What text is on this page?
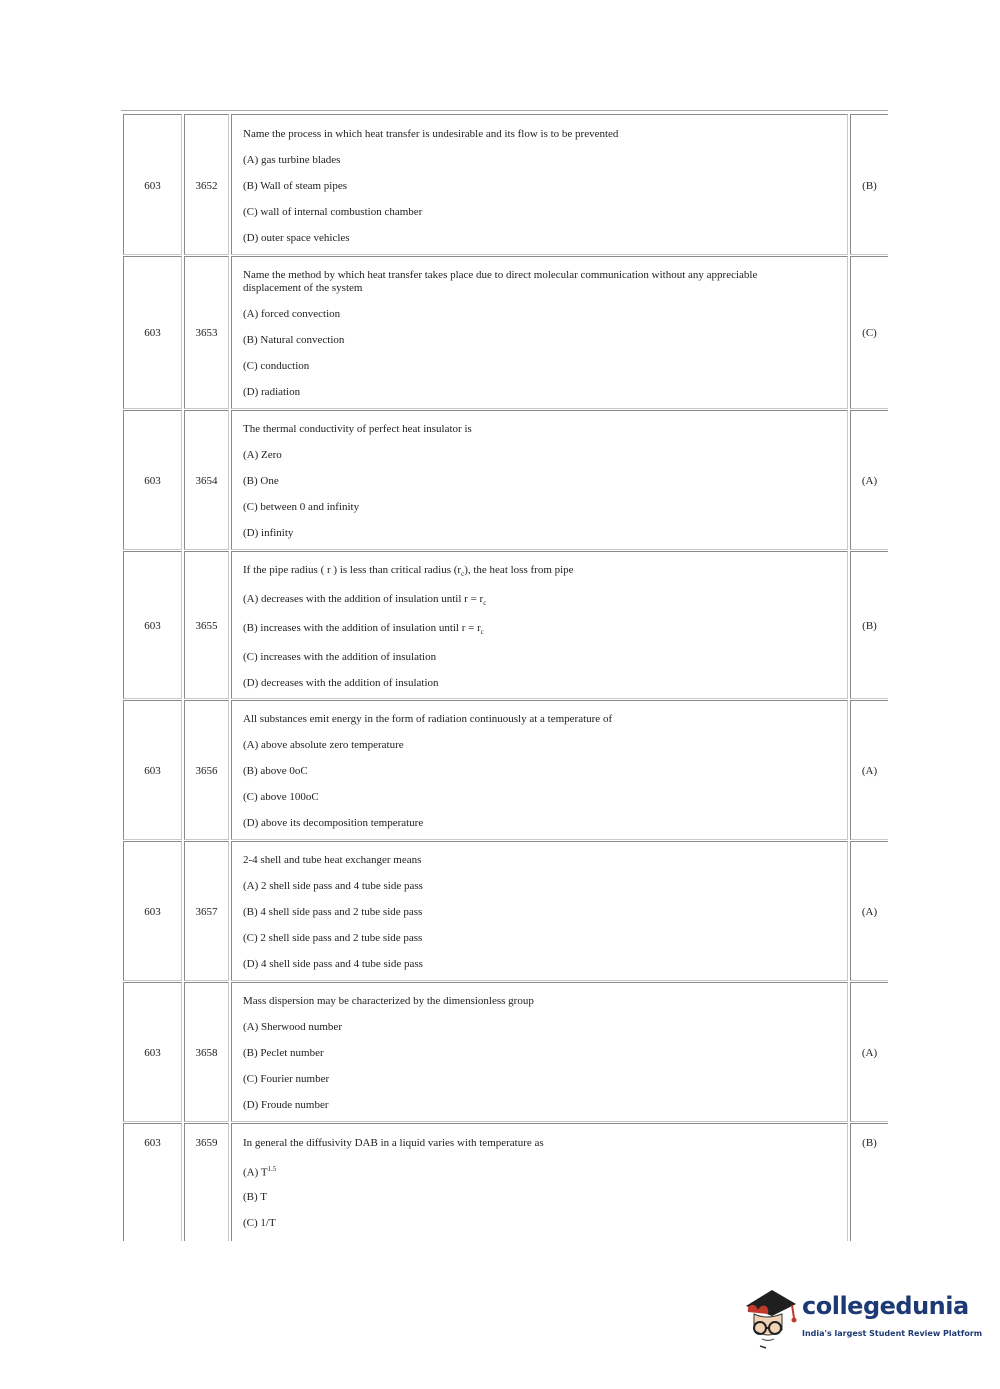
603	3652
Name the process in which heat transfer is undesirable and its flow is to be prevented
(A) gas turbine blades
(B) Wall of steam pipes
(C) wall of internal combustion chamber
(D) outer space vehicles
(B)
603	3653
Name the method by which heat transfer takes place due to direct molecular communication without any appreciable displacement of the system
(A) forced convection
(B) Natural convection
(C) conduction
(D) radiation
(C)
603	3654
The thermal conductivity of perfect heat insulator is
(A) Zero
(B) One
(C) between 0 and infinity
(D) infinity
(A)
603	3655
If the pipe radius ( r ) is less than critical radius $(r_c)$, the heat loss from pipe
(A) decreases with the addition of insulation until $r = r_c$
(B) increases with the addition of insulation until $r = r_c$
(C) increases with the addition of insulation
(D) decreases with the addition of insulation
(B)
603	3656
All substances emit energy in the form of radiation continuously at a temperature of
(A) above absolute zero temperature
(B) above 0oC
(C) above 100oC
(D) above its decomposition temperature
(A)
603	3657
2-4 shell and tube heat exchanger means
(A) 2 shell side pass and 4 tube side pass
(B) 4 shell side pass and 2 tube side pass
(C) 2 shell side pass and 2 tube side pass
(D) 4 shell side pass and 4 tube side pass
(A)
603	3658
Mass dispersion may be characterized by the dimensionless group
(A) Sherwood number
(B) Peclet number
(C) Fourier number
(D) Froude number
(A)
603	3659	In general the diffusivity DAB in a liquid varies with temperature as
(A) $T^{1.5}$
(B) T
(C) 1/T
(B)
collegedunia
India's largest Student Review Platform
